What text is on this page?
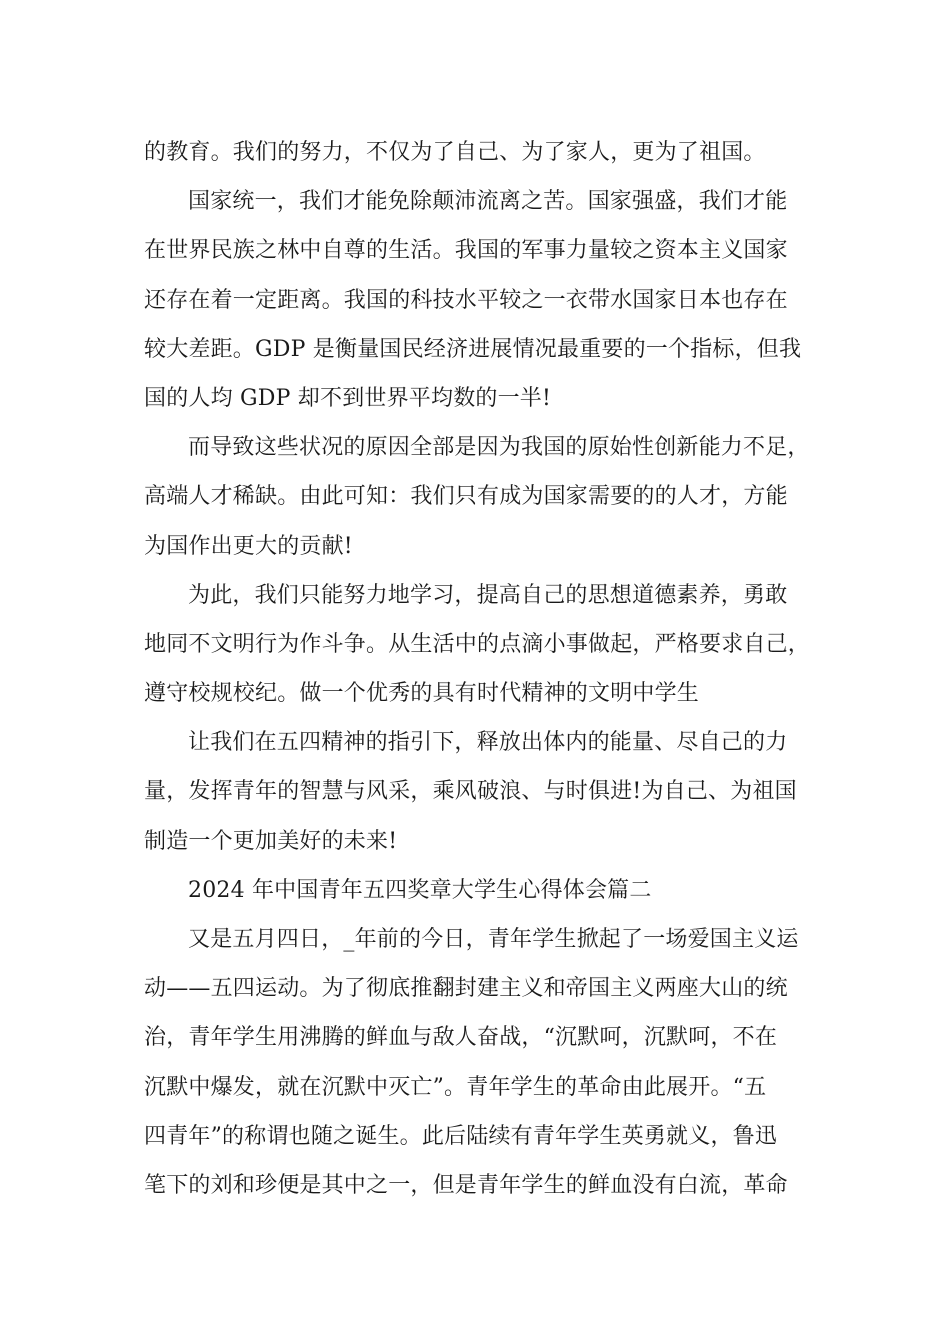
的教育。我们的努力，不仅为了自己、为了家人，更为了祖国。
国家统一，我们才能免除颠沛流离之苦。国家强盛，我们才能
在世界民族之林中自尊的生活。我国的军事力量较之资本主义国家
还存在着一定距离。我国的科技水平较之一衣带水国家日本也存在
较大差距。GDP 是衡量国民经济进展情况最重要的一个指标，但我
国的人均 GDP 却不到世界平均数的一半!
而导致这些状况的原因全部是因为我国的原始性创新能力不足，
高端人才稀缺。由此可知：我们只有成为国家需要的的人才，方能
为国作出更大的贡献!
为此，我们只能努力地学习，提高自己的思想道德素养，勇敢
地同不文明行为作斗争。从生活中的点滴小事做起，严格要求自己，
遵守校规校纪。做一个优秀的具有时代精神的文明中学生
让我们在五四精神的指引下，释放出体内的能量、尽自己的力
量，发挥青年的智慧与风采，乘风破浪、与时俱进!为自己、为祖国
制造一个更加美好的未来!
2024 年中国青年五四奖章大学生心得体会篇二
又是五月四日，_年前的今日，青年学生掀起了一场爱国主义运
动——五四运动。为了彻底推翻封建主义和帝国主义两座大山的统
治，青年学生用沸腾的鲜血与敌人奋战，“沉默呵，沉默呵，不在
沉默中爆发，就在沉默中灭亡”。青年学生的革命由此展开。“五
四青年”的称谓也随之诞生。此后陆续有青年学生英勇就义，鲁迅
笔下的刘和珍便是其中之一，但是青年学生的鲜血没有白流，革命
